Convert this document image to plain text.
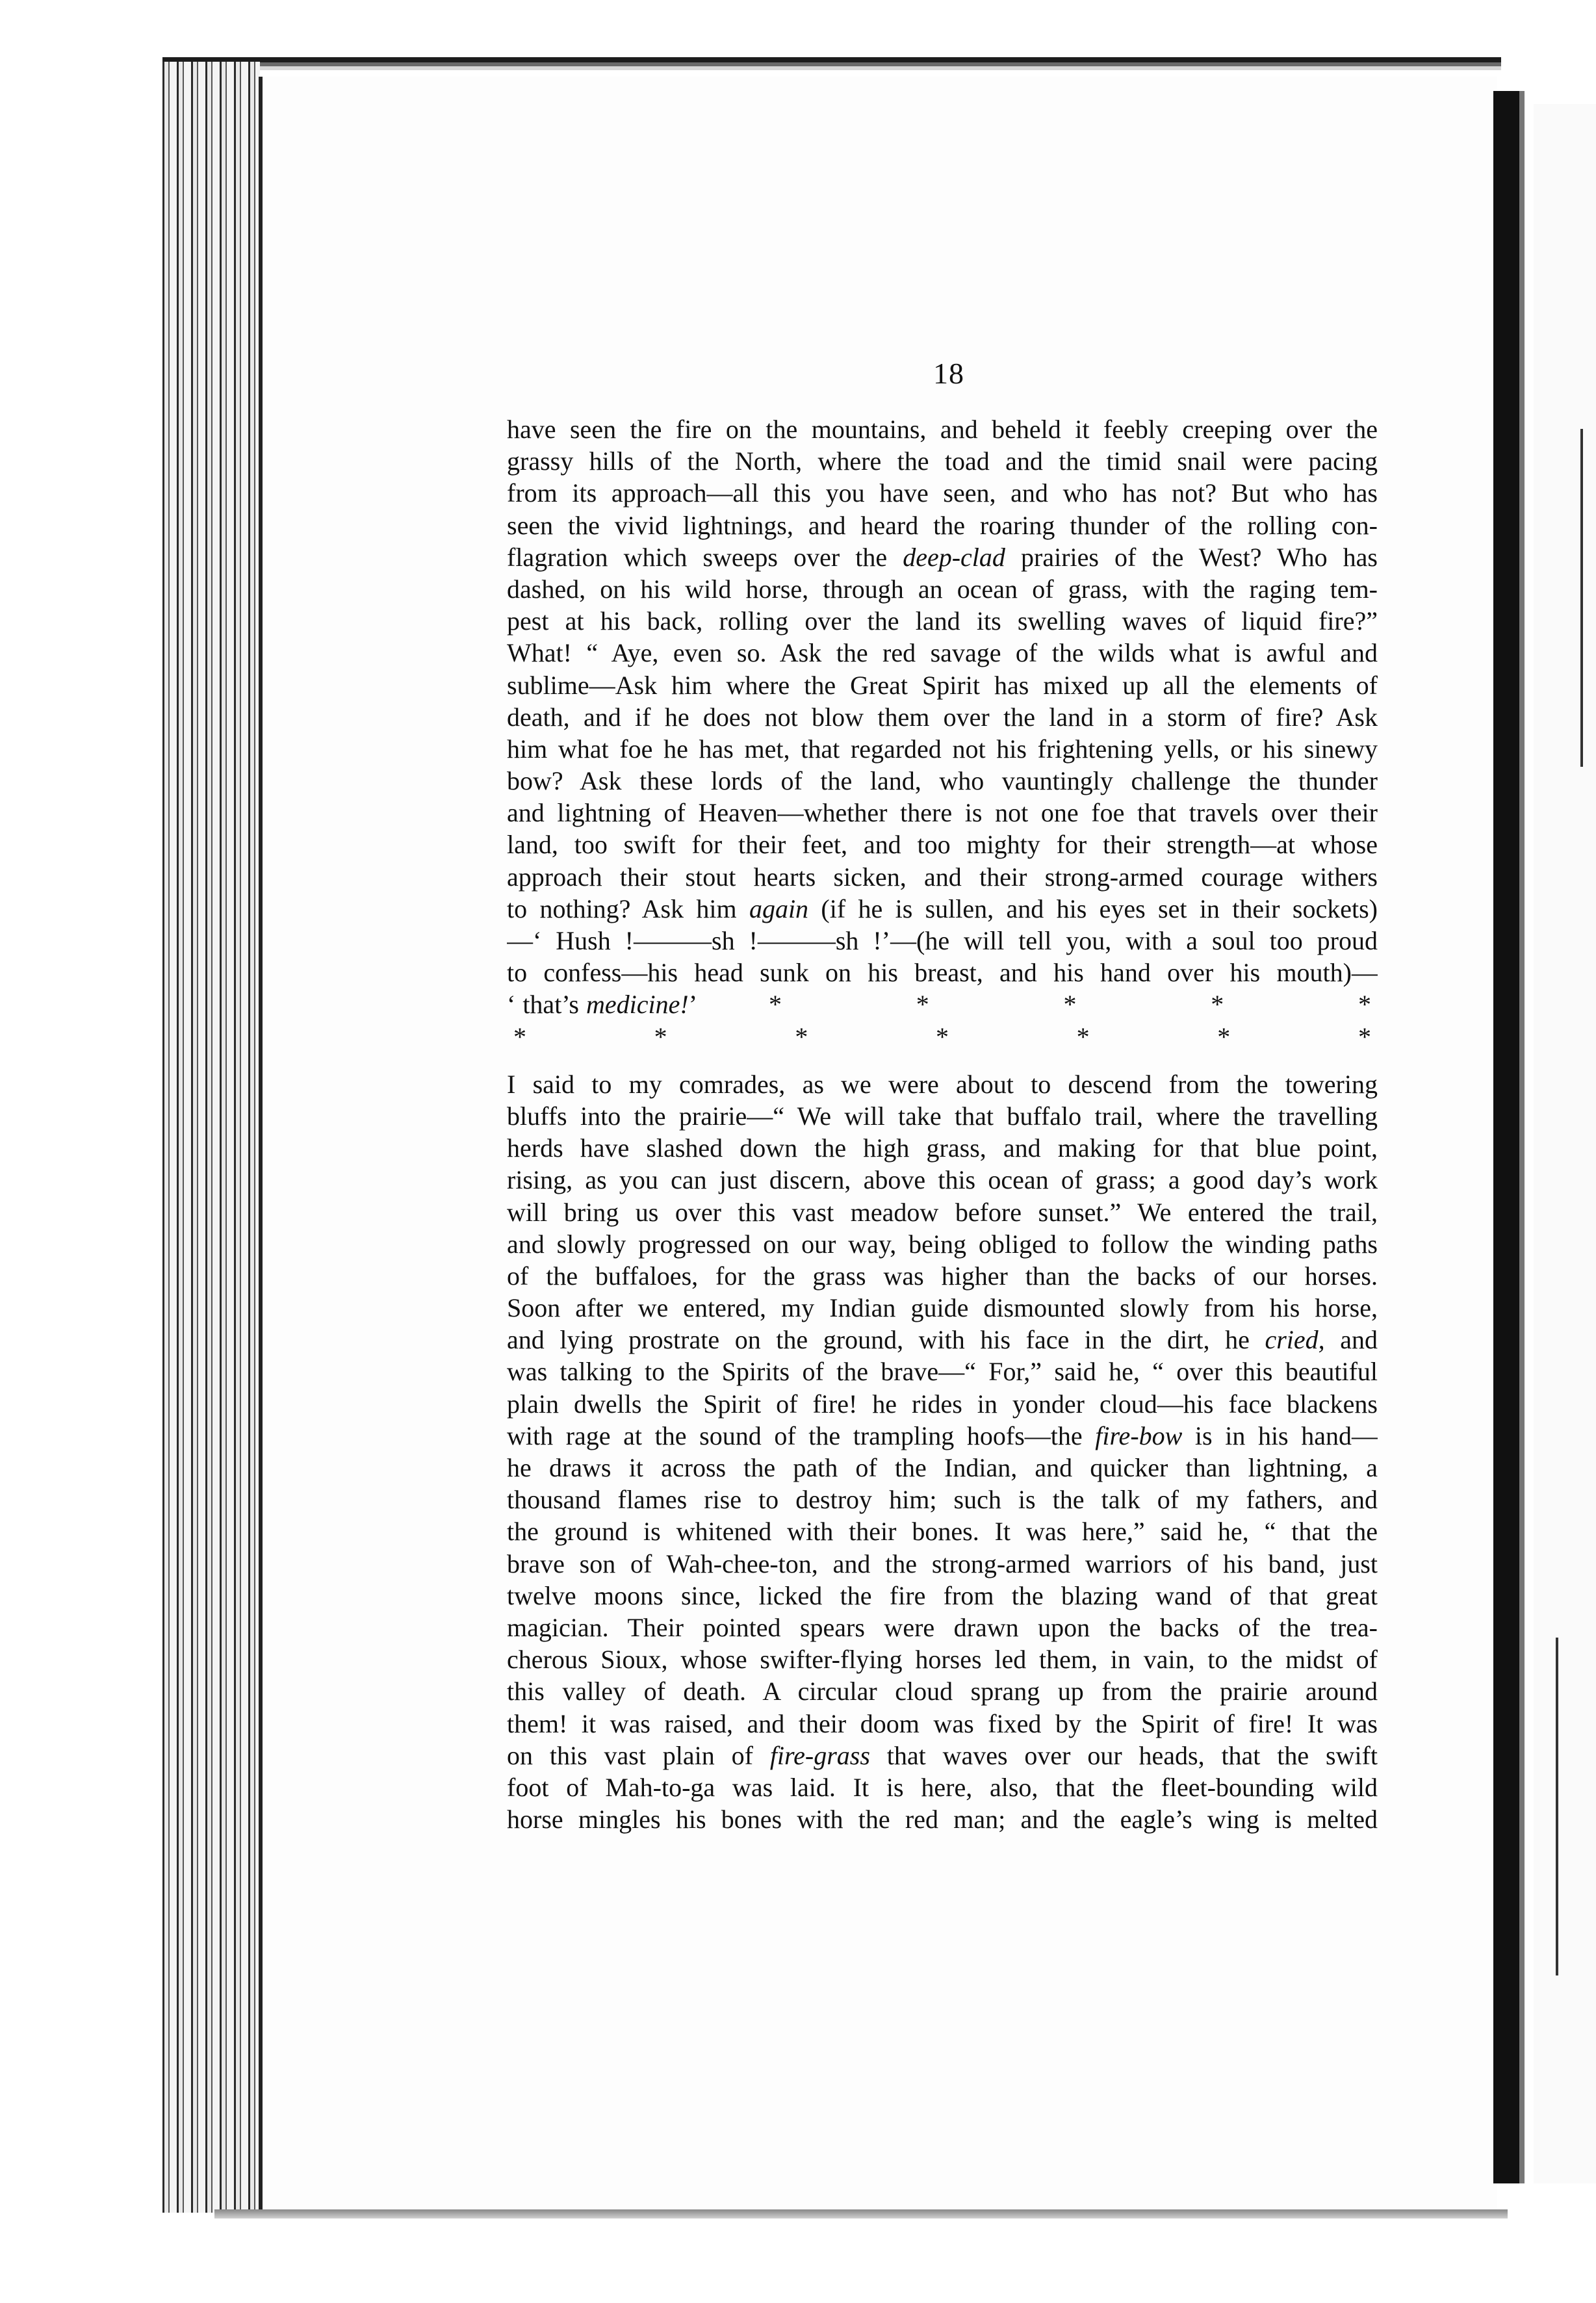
18
have seen the fire on the mountains, and beheld it feebly creeping over the
grassy hills of the North, where the toad and the timid snail were pacing
from its approach—all this you have seen, and who has not? But who has
seen the vivid lightnings, and heard the roaring thunder of the rolling con-
flagration which sweeps over the deep-clad prairies of the West? Who has
dashed, on his wild horse, through an ocean of grass, with the raging tem-
pest at his back, rolling over the land its swelling waves of liquid fire?”
What! “ Aye, even so. Ask the red savage of the wilds what is awful and
sublime—Ask him where the Great Spirit has mixed up all the elements of
death, and if he does not blow them over the land in a storm of fire? Ask
him what foe he has met, that regarded not his frightening yells, or his sinewy
bow? Ask these lords of the land, who vauntingly challenge the thunder
and lightning of Heaven—whether there is not one foe that travels over their
land, too swift for their feet, and too mighty for their strength—at whose
approach their stout hearts sicken, and their strong-armed courage withers
to nothing? Ask him again (if he is sullen, and his eyes set in their sockets)
—‘ Hush !———sh !———sh !’—(he will tell you, with a soul too proud
to confess—his head sunk on his breast, and his hand over his mouth)—
‘ that’s medicine!’	*	*	*	*	*
*	*	*	*	*	*	*
I said to my comrades, as we were about to descend from the towering
bluffs into the prairie—“ We will take that buffalo trail, where the travelling
herds have slashed down the high grass, and making for that blue point,
rising, as you can just discern, above this ocean of grass; a good day’s work
will bring us over this vast meadow before sunset.” We entered the trail,
and slowly progressed on our way, being obliged to follow the winding paths
of the buffaloes, for the grass was higher than the backs of our horses.
Soon after we entered, my Indian guide dismounted slowly from his horse,
and lying prostrate on the ground, with his face in the dirt, he cried, and
was talking to the Spirits of the brave—“ For,” said he, “ over this beautiful
plain dwells the Spirit of fire! he rides in yonder cloud—his face blackens
with rage at the sound of the trampling hoofs—the fire-bow is in his hand—
he draws it across the path of the Indian, and quicker than lightning, a
thousand flames rise to destroy him; such is the talk of my fathers, and
the ground is whitened with their bones. It was here,” said he, “ that the
brave son of Wah-chee-ton, and the strong-armed warriors of his band, just
twelve moons since, licked the fire from the blazing wand of that great
magician. Their pointed spears were drawn upon the backs of the trea-
cherous Sioux, whose swifter-flying horses led them, in vain, to the midst of
this valley of death. A circular cloud sprang up from the prairie around
them! it was raised, and their doom was fixed by the Spirit of fire! It was
on this vast plain of fire-grass that waves over our heads, that the swift
foot of Mah-to-ga was laid. It is here, also, that the fleet-bounding wild
horse mingles his bones with the red man; and the eagle’s wing is melted
